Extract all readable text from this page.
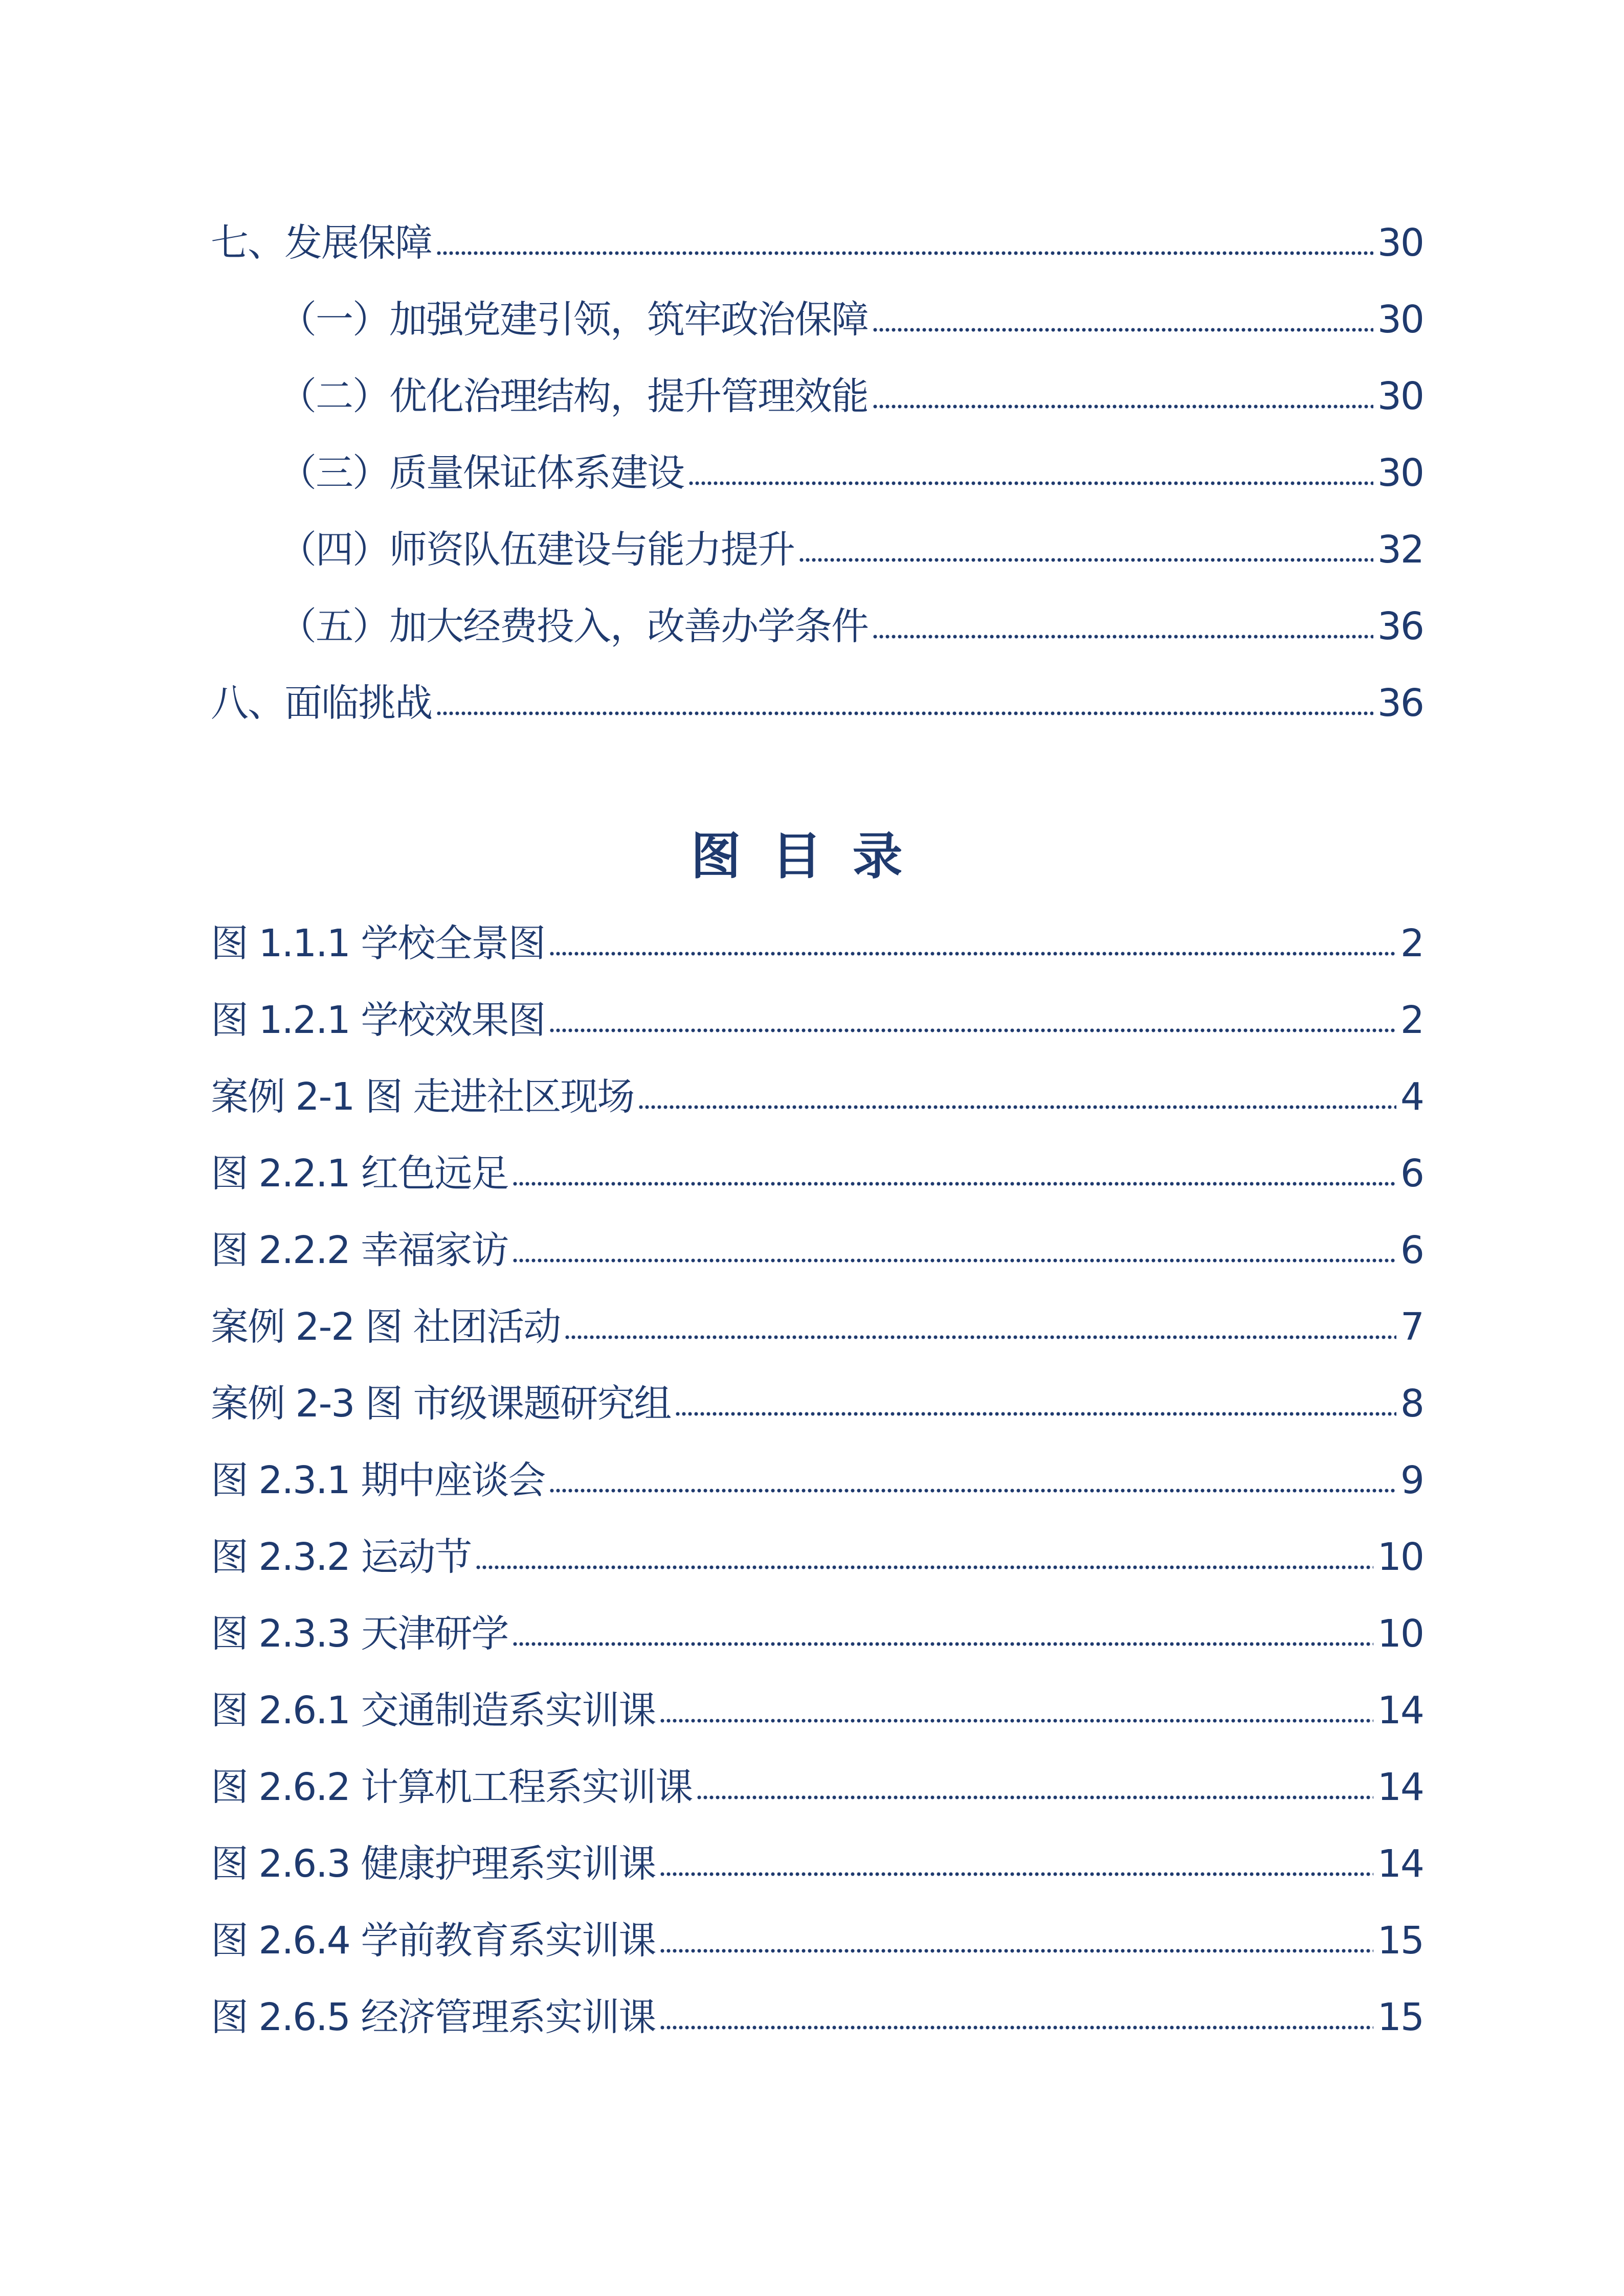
七、发展保障	30
（一）加强党建引领，筑牢政治保障	30
（二）优化治理结构，提升管理效能	30
（三）质量保证体系建设	30
（四）师资队伍建设与能力提升	32
（五）加大经费投入，改善办学条件	36
八、面临挑战	36
图目录
图 1.1.1 学校全景图	2
图 1.2.1 学校效果图	2
案例 2-1 图 走进社区现场	4
图 2.2.1 红色远足	6
图 2.2.2 幸福家访	6
案例 2-2 图 社团活动	7
案例 2-3 图 市级课题研究组	8
图 2.3.1 期中座谈会	9
图 2.3.2 运动节	10
图 2.3.3 天津研学	10
图 2.6.1 交通制造系实训课	14
图 2.6.2 计算机工程系实训课	14
图 2.6.3 健康护理系实训课	14
图 2.6.4 学前教育系实训课	15
图 2.6.5 经济管理系实训课	15
